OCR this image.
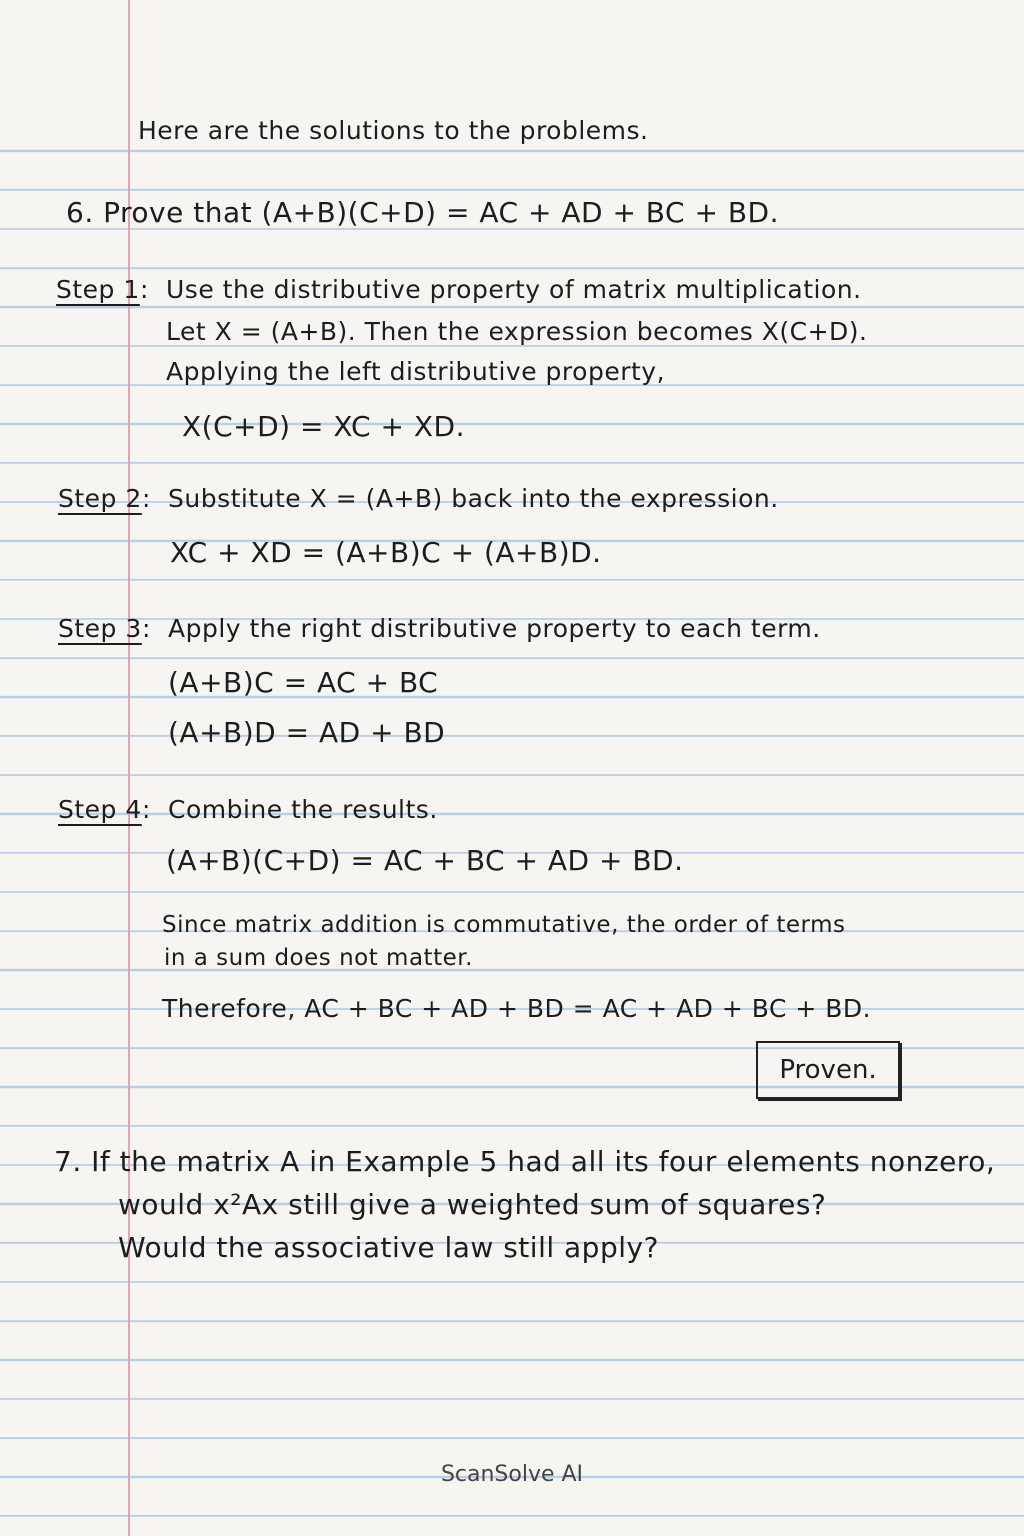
Here are the solutions to the problems.
6. Prove that (A+B)(C+D) = AC + AD + BC + BD.
Step 1 : Use the distributive property of matrix multiplication.
Let X = (A+B). Then the expression becomes X(C+D).
Applying the left distributive property,
X(C+D) = XC + XD.
Step 2 : Substitute X = (A+B) back into the expression.
XC + XD = (A+B)C + (A+B)D.
Step 3 : Apply the right distributive property to each term.
(A+B)C = AC + BC
(A+B)D = AD + BD
Step 4 : Combine the results.
(A+B)(C+D) = AC + BC + AD + BD.
Since matrix addition is commutative, the order of terms
in a sum does not matter.
Therefore, AC + BC + AD + BD = AC + AD + BC + BD.
Proven.
7. If the matrix A in Example 5 had all its four elements nonzero,
would x²Ax still give a weighted sum of squares?
Would the associative law still apply?
ScanSolve AI
